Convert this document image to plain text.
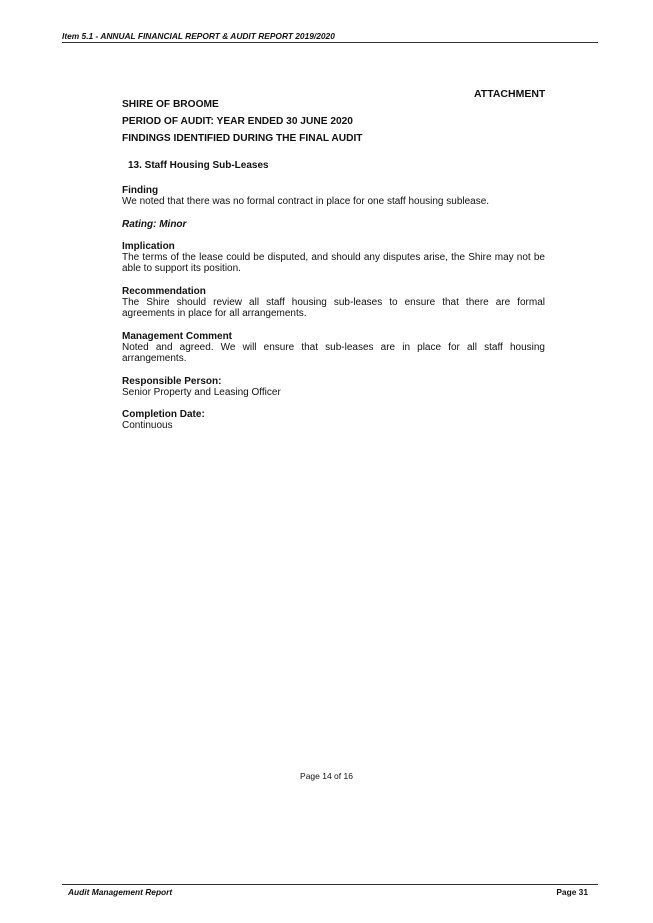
Item 5.1 - ANNUAL FINANCIAL REPORT & AUDIT REPORT 2019/2020
ATTACHMENT
SHIRE OF BROOME
PERIOD OF AUDIT: YEAR ENDED 30 JUNE 2020
FINDINGS IDENTIFIED DURING THE FINAL AUDIT
13. Staff Housing Sub-Leases
Finding
We noted that there was no formal contract in place for one staff housing sublease.
Rating: Minor
Implication
The terms of the lease could be disputed, and should any disputes arise, the Shire may not be able to support its position.
Recommendation
The Shire should review all staff housing sub-leases to ensure that there are formal agreements in place for all arrangements.
Management Comment
Noted and agreed. We will ensure that sub-leases are in place for all staff housing arrangements.
Responsible Person:
Senior Property and Leasing Officer
Completion Date:
Continuous
Page 14 of 16
Audit Management Report	Page 31
